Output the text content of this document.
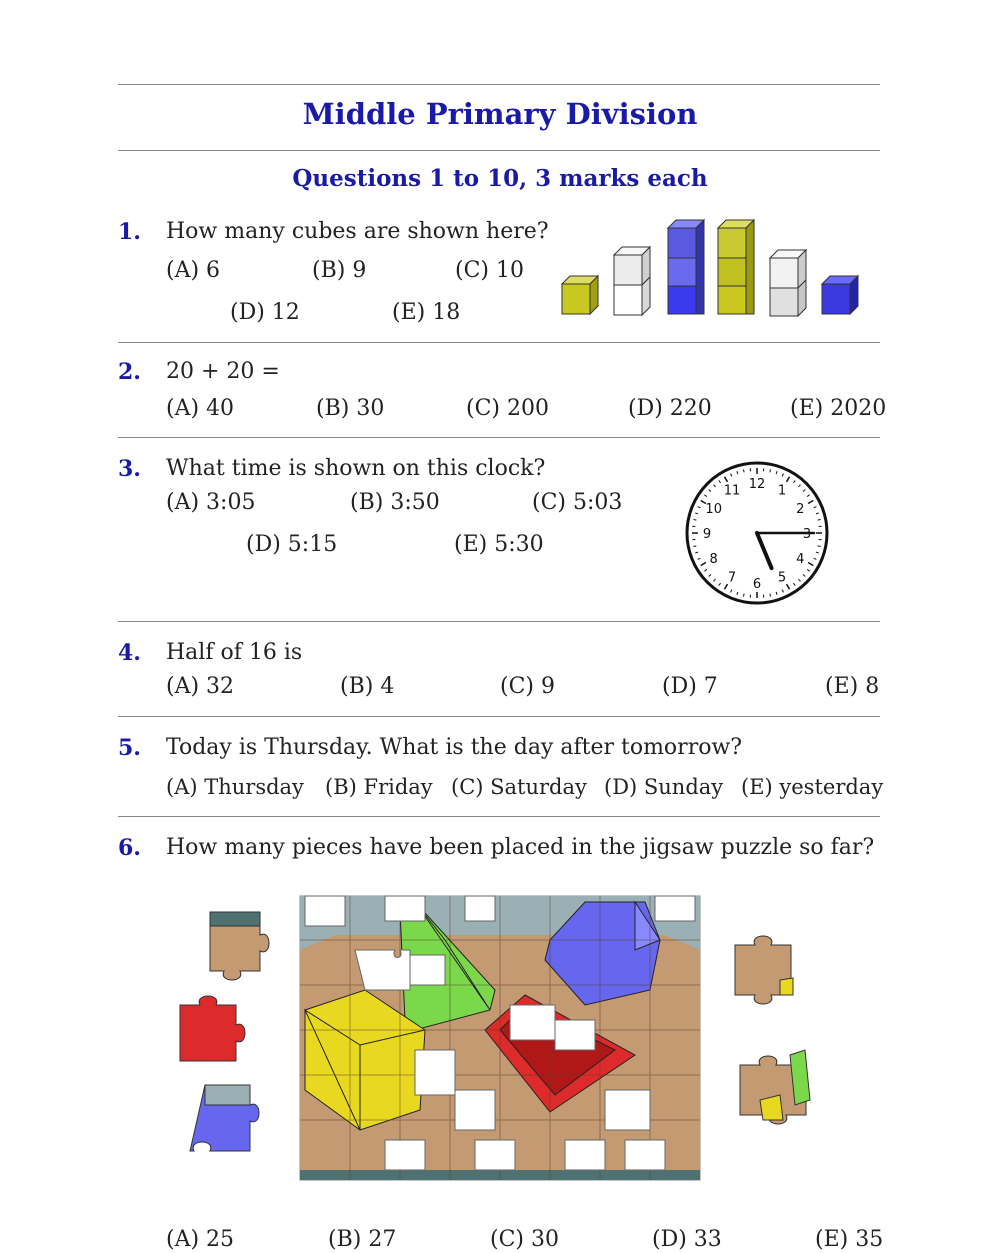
Middle Primary Division
Questions 1 to 10, 3 marks each
1. How many cubes are shown here?
(A) 6	(B) 9	(C) 10
(D) 12	(E) 18
2. 20 + 20 =
(A) 40	(B) 30	(C) 200	(D) 220	(E) 2020
3. What time is shown on this clock?
(A) 3:05	(B) 3:50	(C) 5:03
(D) 5:15	(E) 5:30
12 1
2
3
4
5
6
7
8
9
10
11
4. Half of 16 is
(A) 32	(B) 4	(C) 9	(D) 7	(E) 8
5. Today is Thursday. What is the day after tomorrow?
(A) Thursday (B) Friday (C) Saturday (D) Sunday (E) yesterday
6. How many pieces have been placed in the jigsaw puzzle so far?
(A) 25	(B) 27	(C) 30	(D) 33	(E) 35
